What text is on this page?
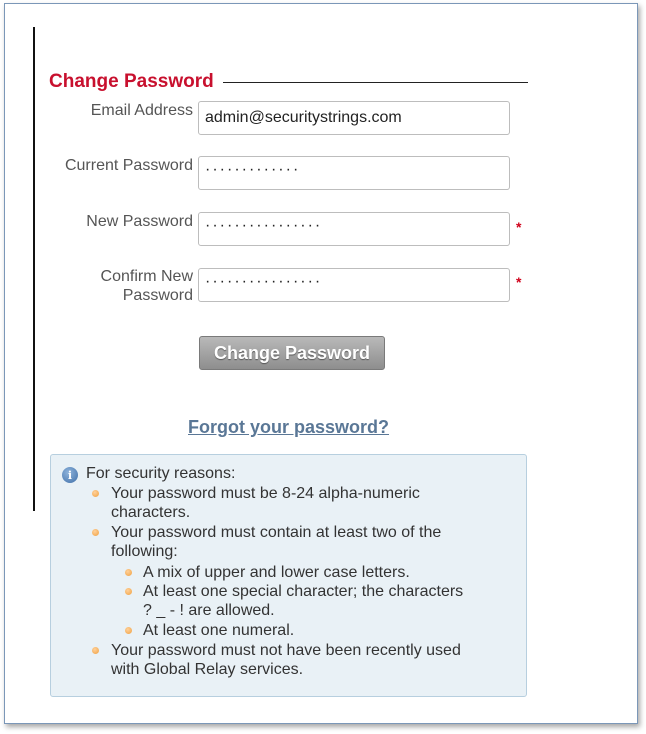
Change Password
Email Address admin@securitystrings.com
Current Password ·············
New Password ················	*
Confirm New
Password
················	*
Change Password
Forgot your password?
i For security reasons:
Your password must be 8-24 alpha-numeric
characters.
Your password must contain at least two of the
following:
A mix of upper and lower case letters.
At least one special character; the characters
? _ - ! are allowed.
At least one numeral.
Your password must not have been recently used
with Global Relay services.
